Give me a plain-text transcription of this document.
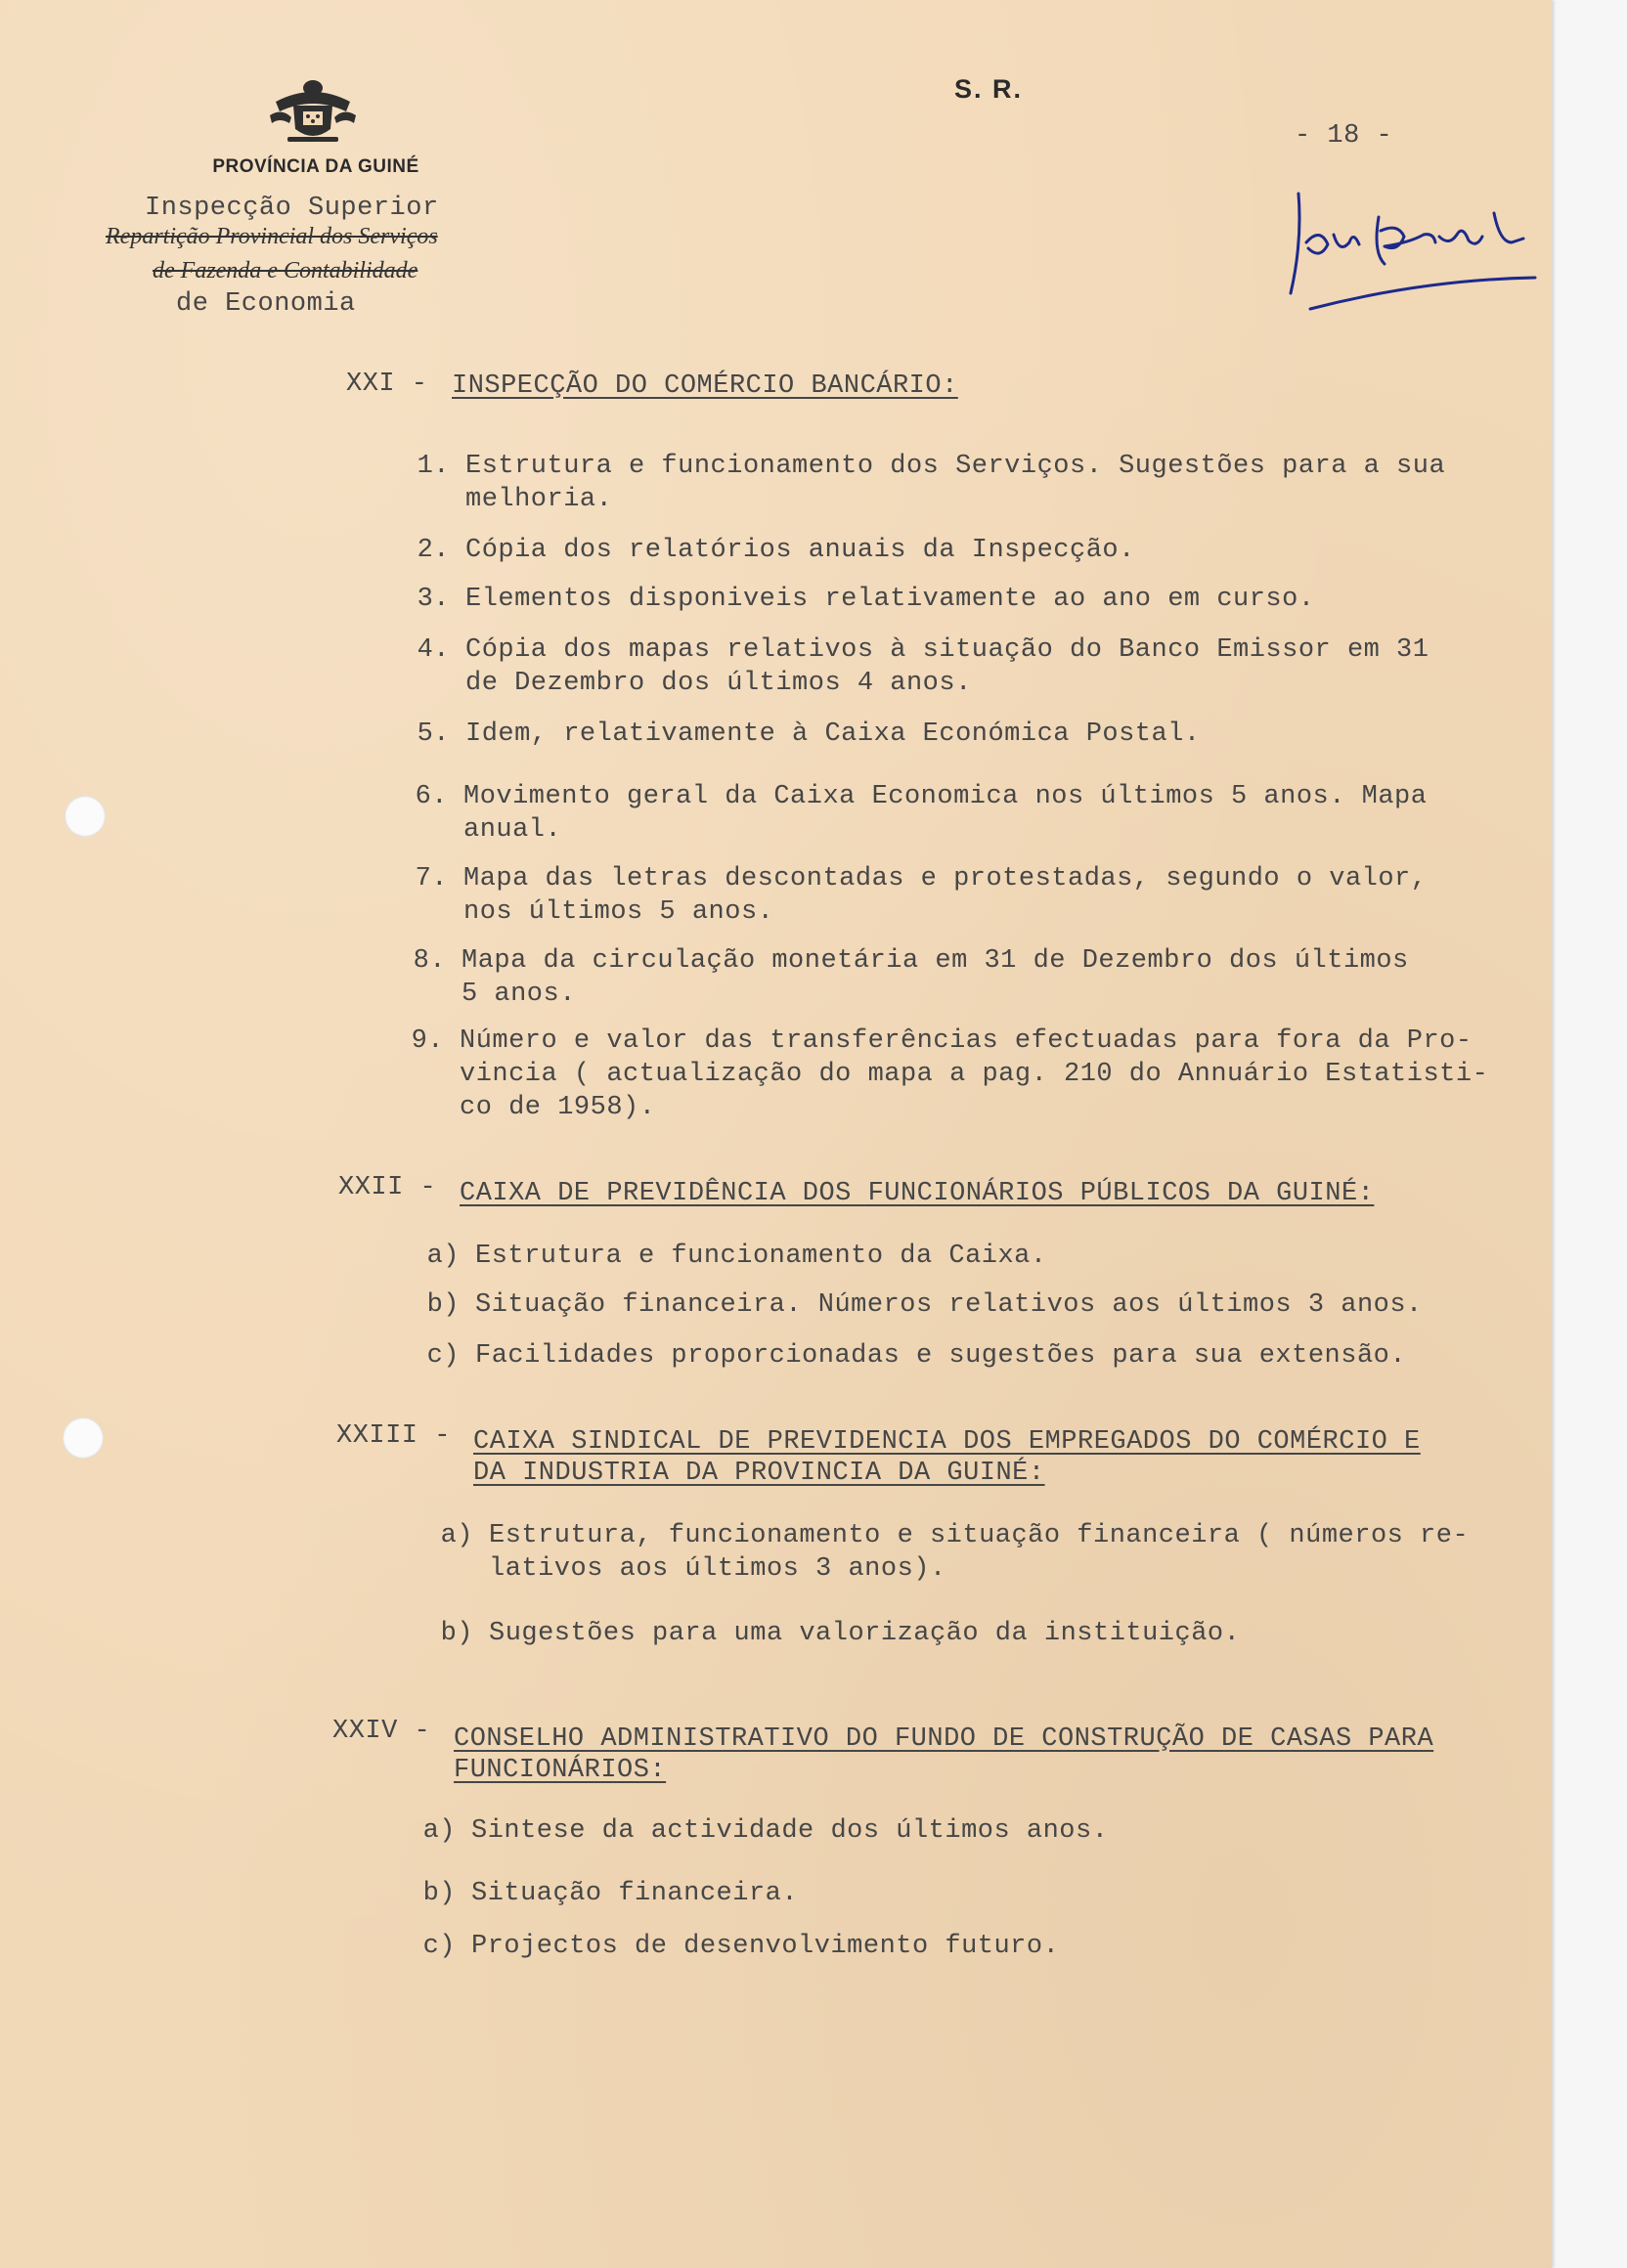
PROVÍNCIA DA GUINÉ
Inspecção Superior
Repartição Provincial dos Serviços
de Fazenda e Contabilidade
de Economia
S. R.
- 18 -
XXI - INSPECÇÃO DO COMÉRCIO BANCÁRIO:
1. Estrutura e funcionamento dos Serviços. Sugestões para a sua
melhoria.
2. Cópia dos relatórios anuais da Inspecção.
3. Elementos disponiveis relativamente ao ano em curso.
4. Cópia dos mapas relativos à situação do Banco Emissor em 31
de Dezembro dos últimos 4 anos.
5. Idem, relativamente à Caixa Económica Postal.
6. Movimento geral da Caixa Economica nos últimos 5 anos. Mapa
anual.
7. Mapa das letras descontadas e protestadas, segundo o valor,
nos últimos 5 anos.
8. Mapa da circulação monetária em 31 de Dezembro dos últimos
5 anos.
9. Número e valor das transferências efectuadas para fora da Pro-
vincia ( actualização do mapa a pag. 210 do Annuário Estatisti-
co de 1958).
XXII - CAIXA DE PREVIDÊNCIA DOS FUNCIONÁRIOS PÚBLICOS DA GUINÉ:
a) Estrutura e funcionamento da Caixa.
b) Situação financeira. Números relativos aos últimos 3 anos.
c) Facilidades proporcionadas e sugestões para sua extensão.
XXIII - CAIXA SINDICAL DE PREVIDENCIA DOS EMPREGADOS DO COMÉRCIO E
DA INDUSTRIA DA PROVINCIA DA GUINÉ:
a) Estrutura, funcionamento e situação financeira ( números re-
lativos aos últimos 3 anos).
b) Sugestões para uma valorização da instituição.
XXIV - CONSELHO ADMINISTRATIVO DO FUNDO DE CONSTRUÇÃO DE CASAS PARA
FUNCIONÁRIOS:
a) Sintese da actividade dos últimos anos.
b) Situação financeira.
c) Projectos de desenvolvimento futuro.
